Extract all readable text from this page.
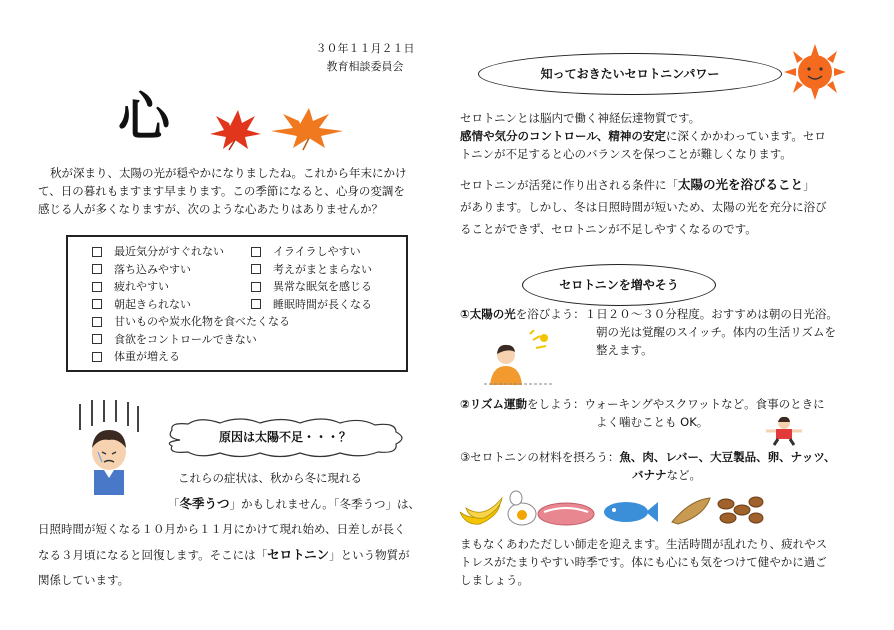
３０年１１月２１日
教育相談委員会
心
秋が深まり、太陽の光が穏やかになりましたね。これから年末にかけ
て、日の暮れもますます早まります。この季節になると、心身の変調を
感じる人が多くなりますが、次のような心あたりはありませんか？
最近気分がすぐれない
落ち込みやすい
疲れやすい
朝起きられない
イライラしやすい
考えがまとまらない
異常な眠気を感じる
睡眠時間が長くなる
甘いものや炭水化物を食べたくなる
食欲をコントロールできない
体重が増える
原因は太陽不足・・・？
これらの症状は、秋から冬に現れる
「冬季うつ」かもしれません。「冬季うつ」は、
日照時間が短くなる１０月から１１月にかけて現れ始め、日差しが長く
なる３月頃になると回復します。そこには「セロトニン」という物質が
関係しています。
知っておきたいセロトニンパワー
セロトニンとは脳内で働く神経伝達物質です。
感情や気分のコントロール、精神の安定に深くかかわっています。セロ
トニンが不足すると心のバランスを保つことが難しくなります。
セロトニンが活発に作り出される条件に「太陽の光を浴びること」
があります。しかし、冬は日照時間が短いため、太陽の光を充分に浴び
ることができず、セロトニンが不足しやすくなるのです。
セロトニンを増やそう
①太陽の光を浴びよう：１日２０～３０分程度。おすすめは朝の日光浴。
朝の光は覚醒のスイッチ。体内の生活リズムを
整えます。
②リズム運動をしよう：ウォーキングやスクワットなど。食事のときに
よく噛むことも OK。
③セロトニンの材料を摂ろう：魚、肉、レバー、大豆製品、卵、ナッツ、
バナナなど。
まもなくあわただしい師走を迎えます。生活時間が乱れたり、疲れやス
トレスがたまりやすい時季です。体にも心にも気をつけて健やかに過ご
しましょう。
